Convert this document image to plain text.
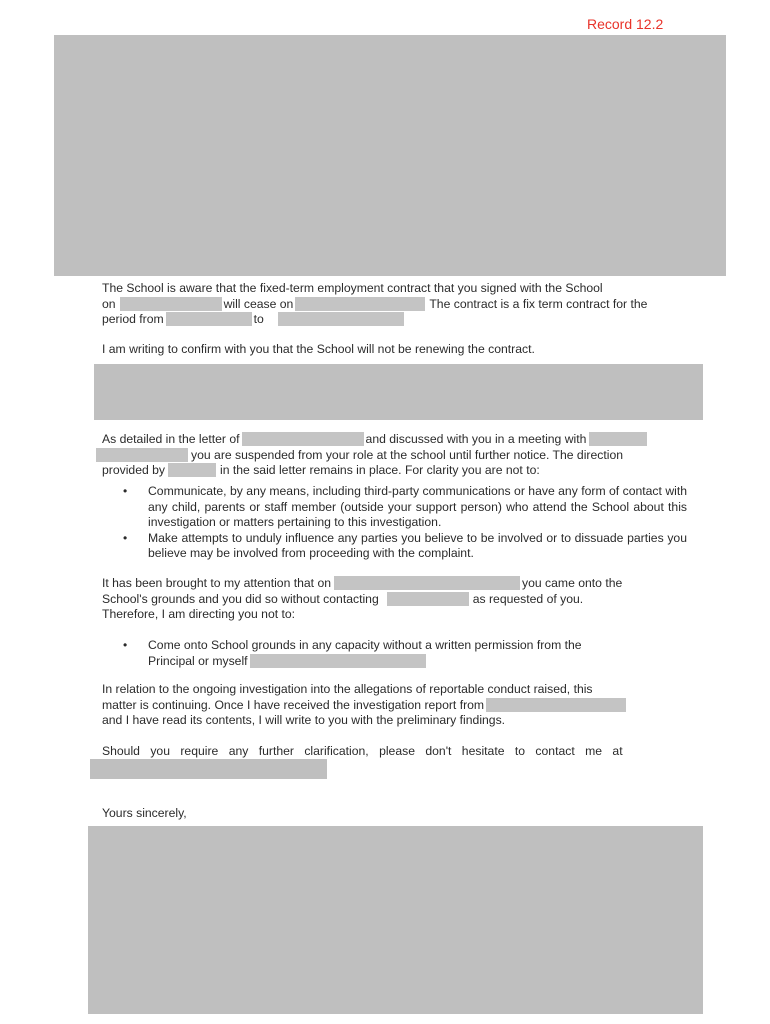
Record 12.2
The School is aware that the fixed-term employment contract that you signed with the School
on	will cease on	The contract is a fix term contract for the
period from	to

I am writing to confirm with you that the School will not be renewing the contract.

As detailed in the letter of	and discussed with you in a meeting with
you are suspended from your role at the school until further notice. The direction
provided by	in the said letter remains in place. For clarity you are not to:
• Communicate, by any means, including third-party communications or have any form of contact with any child, parents or staff member (outside your support person) who attend the School about this investigation or matters pertaining to this investigation.
• Make attempts to unduly influence any parties you believe to be involved or to dissuade parties you believe may be involved from proceeding with the complaint.
It has been brought to my attention that on	you came onto the
School's grounds and you did so without contacting	as requested of you.
Therefore, I am directing you not to:
• Come onto School grounds in any capacity without a written permission from the
Principal or myself
In relation to the ongoing investigation into the allegations of reportable conduct raised, this
matter is continuing. Once I have received the investigation report from
and I have read its contents, I will write to you with the preliminary findings.
Should you require any further clarification, please don't hesitate to contact me at

Yours sincerely,
